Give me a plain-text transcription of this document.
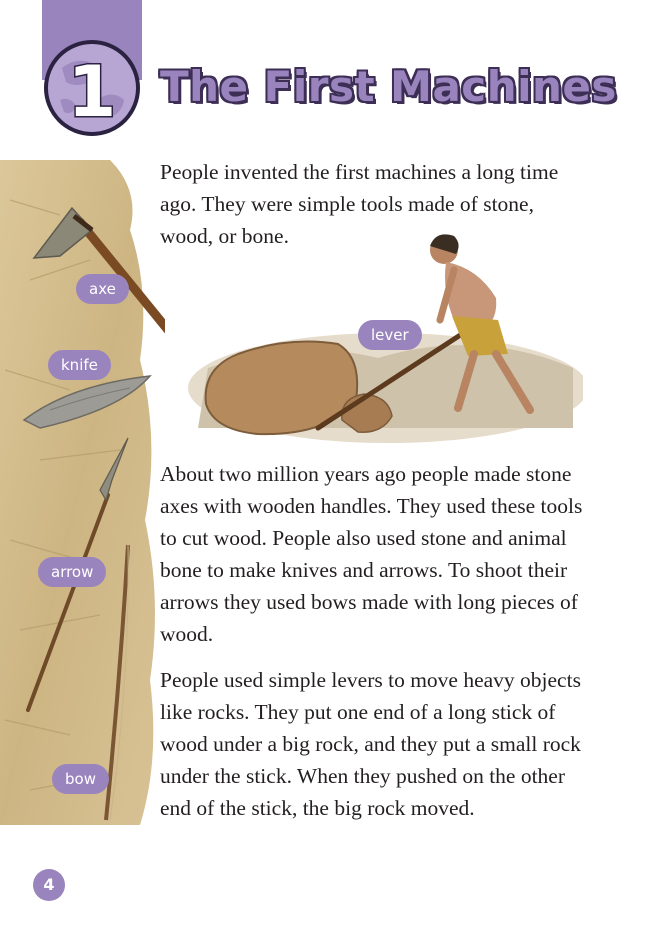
1 The First Machines
axe
knife
arrow
bow

People invented the first machines a long time ago. They were simple tools made of stone, wood, or bone.

lever

About two million years ago people made stone axes with wooden handles. They used these tools to cut wood. People also used stone and animal bone to make knives and arrows. To shoot their arrows they used bows made with long pieces of wood.

People used simple levers to move heavy objects like rocks. They put one end of a long stick of wood under a big rock, and they put a small rock under the stick. When they pushed on the other end of the stick, the big rock moved.

4
